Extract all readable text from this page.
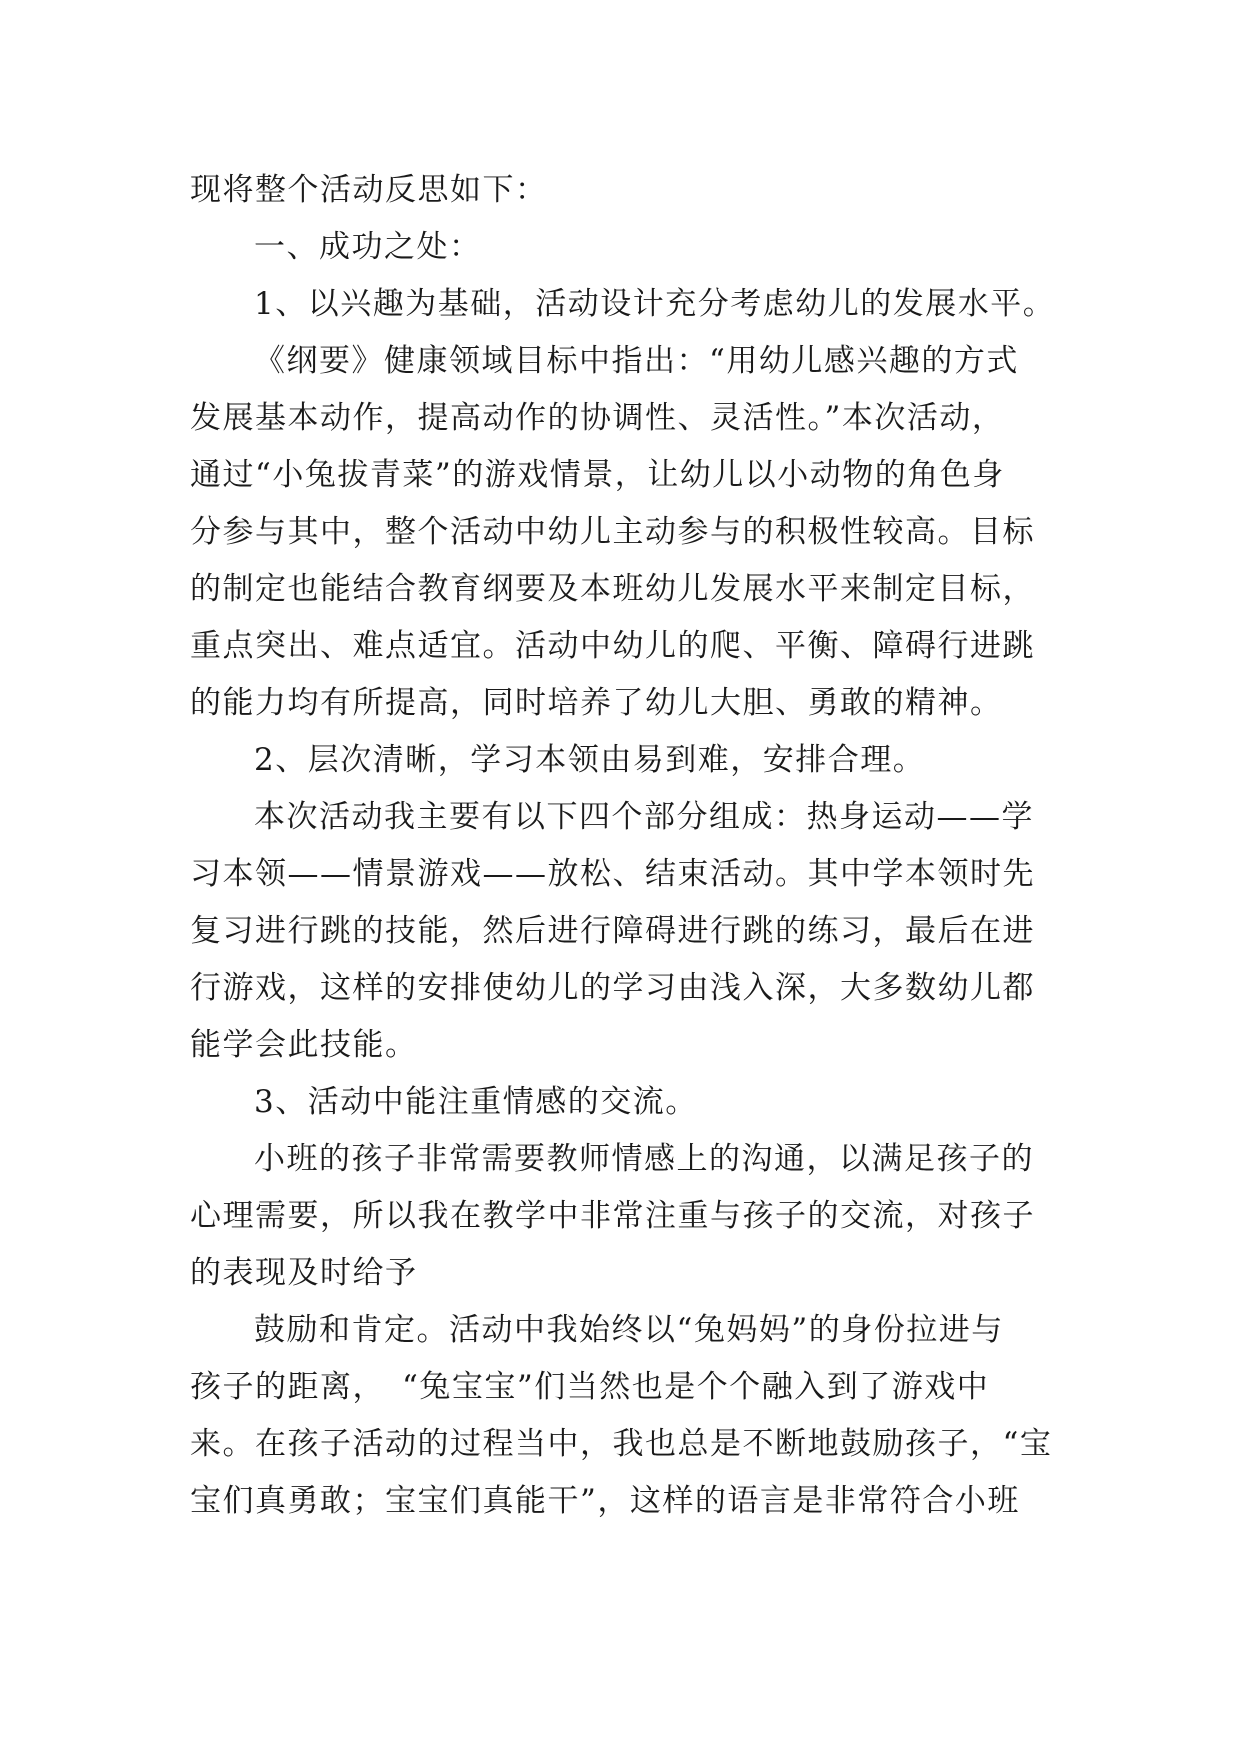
现将整个活动反思如下：
一、成功之处：
1、以兴趣为基础，活动设计充分考虑幼儿的发展水平。
《纲要》健康领域目标中指出：“用幼儿感兴趣的方式
发展基本动作，提高动作的协调性、灵活性。”本次活动，
通过“小兔拔青菜”的游戏情景，让幼儿以小动物的角色身
分参与其中，整个活动中幼儿主动参与的积极性较高。目标
的制定也能结合教育纲要及本班幼儿发展水平来制定目标，
重点突出、难点适宜。活动中幼儿的爬、平衡、障碍行进跳
的能力均有所提高，同时培养了幼儿大胆、勇敢的精神。
2、层次清晰，学习本领由易到难，安排合理。
本次活动我主要有以下四个部分组成：热身运动——学
习本领——情景游戏——放松、结束活动。其中学本领时先
复习进行跳的技能，然后进行障碍进行跳的练习，最后在进
行游戏，这样的安排使幼儿的学习由浅入深，大多数幼儿都
能学会此技能。
3、活动中能注重情感的交流。
小班的孩子非常需要教师情感上的沟通，以满足孩子的
心理需要，所以我在教学中非常注重与孩子的交流，对孩子
的表现及时给予
鼓励和肯定。活动中我始终以“兔妈妈”的身份拉进与
孩子的距离，　“兔宝宝”们当然也是个个融入到了游戏中
来。在孩子活动的过程当中，我也总是不断地鼓励孩子，“宝
宝们真勇敢；宝宝们真能干”，这样的语言是非常符合小班
